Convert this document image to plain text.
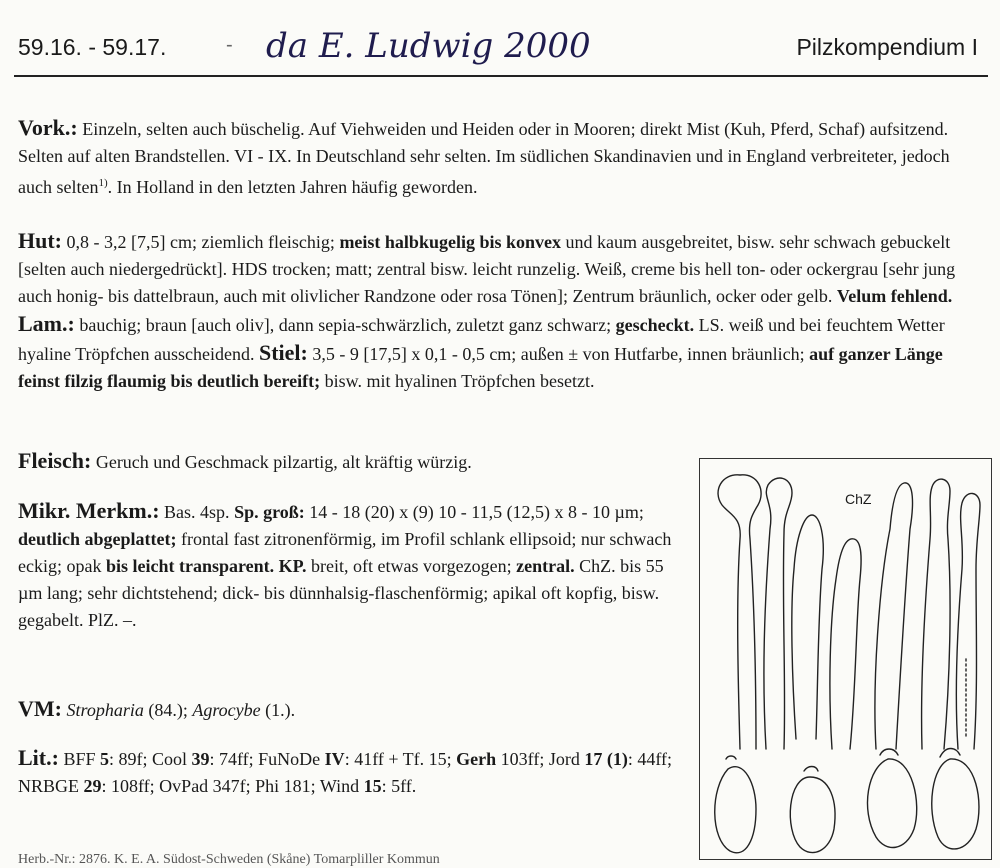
59.16. - 59.17.	- da E. Ludwig 2000	Pilzkompendium I
Vork.: Einzeln, selten auch büschelig. Auf Viehweiden und Heiden oder in Mooren; direkt Mist (Kuh, Pferd, Schaf) aufsitzend. Selten auf alten Brandstellen. VI - IX. In Deutschland sehr selten. Im südlichen Skandinavien und in England verbreiteter, jedoch auch selten$^{1)}$. In Holland in den letzten Jahren häufig geworden.
Hut: 0,8 - 3,2 [7,5] cm; ziemlich fleischig; meist halbkugelig bis konvex und kaum ausgebreitet, bisw. sehr schwach gebuckelt [selten auch niedergedrückt]. HDS trocken; matt; zentral bisw. leicht runzelig. Weiß, creme bis hell ton- oder ockergrau [sehr jung auch honig- bis dattelbraun, auch mit olivlicher Randzone oder rosa Tönen]; Zentrum bräunlich, ocker oder gelb. Velum fehlend. Lam.: bauchig; braun [auch oliv], dann sepia-schwärzlich, zuletzt ganz schwarz; gescheckt. LS. weiß und bei feuchtem Wetter hyaline Tröpfchen ausscheidend. Stiel: 3,5 - 9 [17,5] x 0,1 - 0,5 cm; außen ± von Hutfarbe, innen bräunlich; auf ganzer Länge feinst filzig flaumig bis deutlich bereift; bisw. mit hyalinen Tröpfchen besetzt.
Fleisch: Geruch und Geschmack pilzartig, alt kräftig würzig.
Mikr. Merkm.: Bas. 4sp. Sp. groß: 14 - 18 (20) x (9) 10 - 11,5 (12,5) x 8 - 10 µm; deutlich abgeplattet; frontal fast zitronenförmig, im Profil schlank ellipsoid; nur schwach eckig; opak bis leicht transparent. KP. breit, oft etwas vorgezogen; zentral. ChZ. bis 55 µm lang; sehr dichtstehend; dick- bis dünnhalsig-flaschenförmig; apikal oft kopfig, bisw. gegabelt. PlZ. –.
VM: Stropharia (84.); Agrocybe (1.).
Lit.: BFF 5: 89f; Cool 39: 74ff; FuNoDe IV: 41ff + Tf. 15; Gerh 103ff; Jord 17 (1): 44ff; NRBGE 29: 108ff; OvPad 347f; Phi 181; Wind 15: 5ff.
ChZ
Herb.-Nr.: 2876. K. E. A. Südost-Schweden (Skåne) Tomarpliller Kommun
